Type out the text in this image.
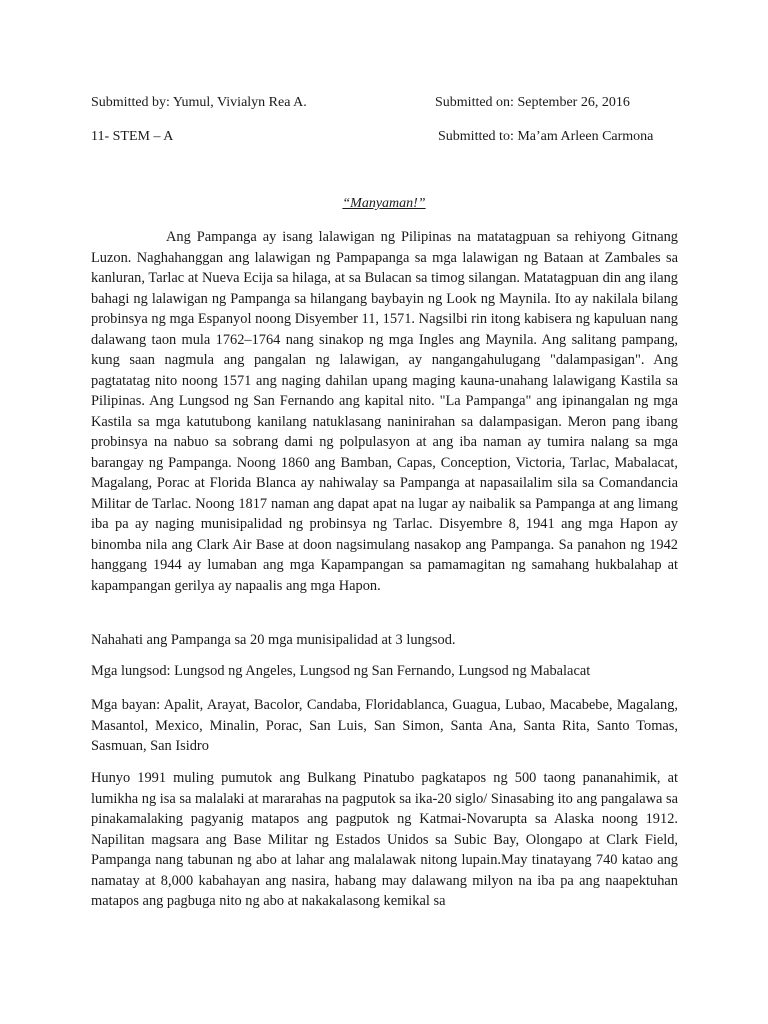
Submitted by: Yumul, Vivialyn Rea A.	Submitted on: September 26, 2016
11- STEM – A	Submitted to: Ma’am Arleen Carmona
“Manyaman!”

Ang Pampanga ay isang lalawigan ng Pilipinas na matatagpuan sa rehiyong Gitnang Luzon. Naghahanggan ang lalawigan ng Pampapanga sa mga lalawigan ng Bataan at Zambales sa kanluran, Tarlac at Nueva Ecija sa hilaga, at sa Bulacan sa timog silangan. Matatagpuan din ang ilang bahagi ng lalawigan ng Pampanga sa hilangang baybayin ng Look ng Maynila. Ito ay nakilala bilang probinsya ng mga Espanyol noong Disyember 11, 1571. Nagsilbi rin itong kabisera ng kapuluan nang dalawang taon mula 1762–1764 nang sinakop ng mga Ingles ang Maynila. Ang salitang pampang, kung saan nagmula ang pangalan ng lalawigan, ay nangangahulugang "dalampasigan". Ang pagtatatag nito noong 1571 ang naging dahilan upang maging kauna-unahang lalawigang Kastila sa Pilipinas. Ang Lungsod ng San Fernando ang kapital nito. "La Pampanga" ang ipinangalan ng mga Kastila sa mga katutubong kanilang natuklasang naninirahan sa dalampasigan. Meron pang ibang probinsya na nabuo sa sobrang dami ng polpulasyon at ang iba naman ay tumira nalang sa mga barangay ng Pampanga. Noong 1860 ang Bamban, Capas, Conception, Victoria, Tarlac, Mabalacat, Magalang, Porac at Florida Blanca ay nahiwalay sa Pampanga at napasailalim sila sa Comandancia Militar de Tarlac. Noong 1817 naman ang dapat apat na lugar ay naibalik sa Pampanga at ang limang iba pa ay naging munisipalidad ng probinsya ng Tarlac. Disyembre 8, 1941 ang mga Hapon ay binomba nila ang Clark Air Base at doon nagsimulang nasakop ang Pampanga. Sa panahon ng 1942 hanggang 1944 ay lumaban ang mga Kapampangan sa pamamagitan ng samahang hukbalahap at kapampangan gerilya ay napaalis ang mga Hapon.

Nahahati ang Pampanga sa 20 mga munisipalidad at 3 lungsod.

Mga lungsod: Lungsod ng Angeles, Lungsod ng San Fernando, Lungsod ng Mabalacat

Mga bayan: Apalit, Arayat, Bacolor, Candaba, Floridablanca, Guagua, Lubao, Macabebe, Magalang, Masantol, Mexico, Minalin, Porac, San Luis, San Simon, Santa Ana, Santa Rita, Santo Tomas, Sasmuan, San Isidro

Hunyo 1991 muling pumutok ang Bulkang Pinatubo pagkatapos ng 500 taong pananahimik, at lumikha ng isa sa malalaki at mararahas na pagputok sa ika-20 siglo/ Sinasabing ito ang pangalawa sa pinakamalaking pagyanig matapos ang pagputok ng Katmai-Novarupta sa Alaska noong 1912. Napilitan magsara ang Base Militar ng Estados Unidos sa Subic Bay, Olongapo at Clark Field, Pampanga nang tabunan ng abo at lahar ang malalawak nitong lupain.May tinatayang 740 katao ang namatay at 8,000 kabahayan ang nasira, habang may dalawang milyon na iba pa ang naapektuhan matapos ang pagbuga nito ng abo at nakakalasong kemikal sa
